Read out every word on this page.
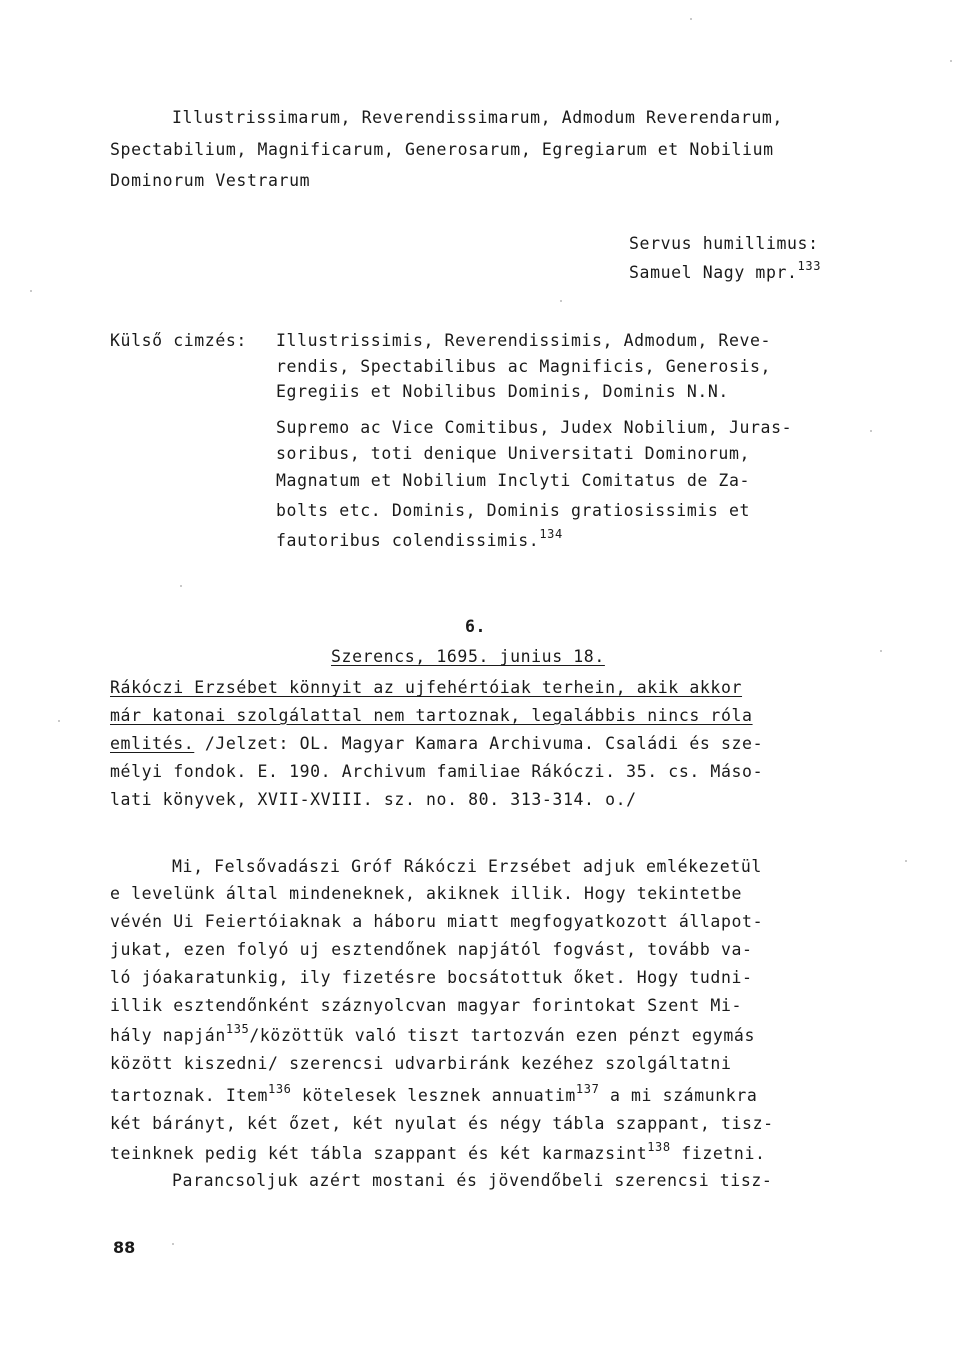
Illustrissimarum, Reverendissimarum, Admodum Reverendarum,
Spectabilium, Magnificarum, Generosarum, Egregiarum et Nobilium
Dominorum Vestrarum
Servus humillimus:
Samuel Nagy mpr.$^{133}$
Külső cimzés: Illustrissimis, Reverendissimis, Admodum, Reve-
rendis, Spectabilibus ac Magnificis, Generosis,
Egregiis et Nobilibus Dominis, Dominis N.N.
Supremo ac Vice Comitibus, Judex Nobilium, Juras-
soribus, toti denique Universitati Dominorum,
Magnatum et Nobilium Inclyti Comitatus de Za-
bolts etc. Dominis, Dominis gratiosissimis et
fautoribus colendissimis.$^{134}$
6.
Szerencs, 1695. junius 18.
Rákóczi Erzsébet könnyit az ujfehértóiak terhein, akik akkor
már katonai szolgálattal nem tartoznak, legalábbis nincs róla
emlités. /Jelzet: OL. Magyar Kamara Archivuma. Családi és sze-
mélyi fondok. E. 190. Archivum familiae Rákóczi. 35. cs. Máso-
lati könyvek, XVII-XVIII. sz. no. 80. 313-314. o./
Mi, Felsővadászi Gróf Rákóczi Erzsébet adjuk emlékezetül
e levelünk által mindeneknek, akiknek illik. Hogy tekintetbe
vévén Ui Feiertóiaknak a háboru miatt megfogyatkozott állapot-
jukat, ezen folyó uj esztendőnek napjától fogvást, tovább va-
ló jóakaratunkig, ily fizetésre bocsátottuk őket. Hogy tudni-
illik esztendőnként száznyolcvan magyar forintokat Szent Mi-
hály napján$^{135}$/közöttük való tiszt tartozván ezen pénzt egymás
között kiszedni/ szerencsi udvarbiránk kezéhez szolgáltatni
tartoznak. Item$^{136}$ kötelesek lesznek annuatim$^{137}$ a mi számunkra
két bárányt, két őzet, két nyulat és négy tábla szappant, tisz-
teinknek pedig két tábla szappant és két karmazsint$^{138}$ fizetni.
Parancsoljuk azért mostani és jövendőbeli szerencsi tisz-
88
